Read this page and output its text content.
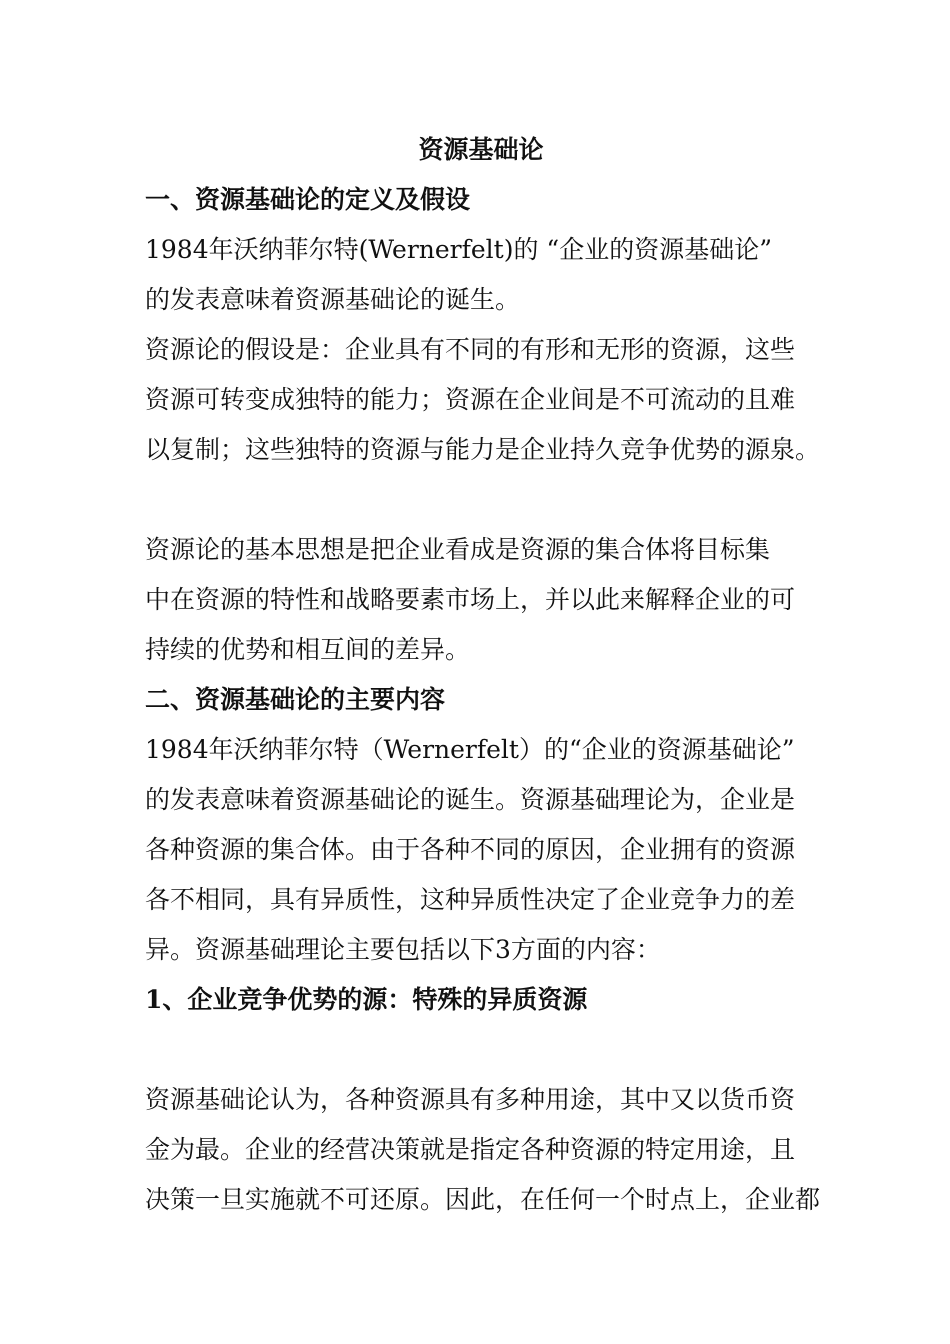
资源基础论
一、资源基础论的定义及假设
1984年沃纳菲尔特(Wernerfelt)的 “企业的资源基础论”
的发表意味着资源基础论的诞生。
资源论的假设是：企业具有不同的有形和无形的资源，这些
资源可转变成独特的能力；资源在企业间是不可流动的且难
以复制；这些独特的资源与能力是企业持久竞争优势的源泉。
资源论的基本思想是把企业看成是资源的集合体将目标集
中在资源的特性和战略要素市场上，并以此来解释企业的可
持续的优势和相互间的差异。
二、资源基础论的主要内容
1984年沃纳菲尔特（Wernerfelt）的“企业的资源基础论”
的发表意味着资源基础论的诞生。资源基础理论为，企业是
各种资源的集合体。由于各种不同的原因，企业拥有的资源
各不相同，具有异质性，这种异质性决定了企业竞争力的差
异。资源基础理论主要包括以下3方面的内容：
1、企业竞争优势的源：特殊的异质资源
资源基础论认为，各种资源具有多种用途，其中又以货币资
金为最。企业的经营决策就是指定各种资源的特定用途，且
决策一旦实施就不可还原。因此，在任何一个时点上，企业都
